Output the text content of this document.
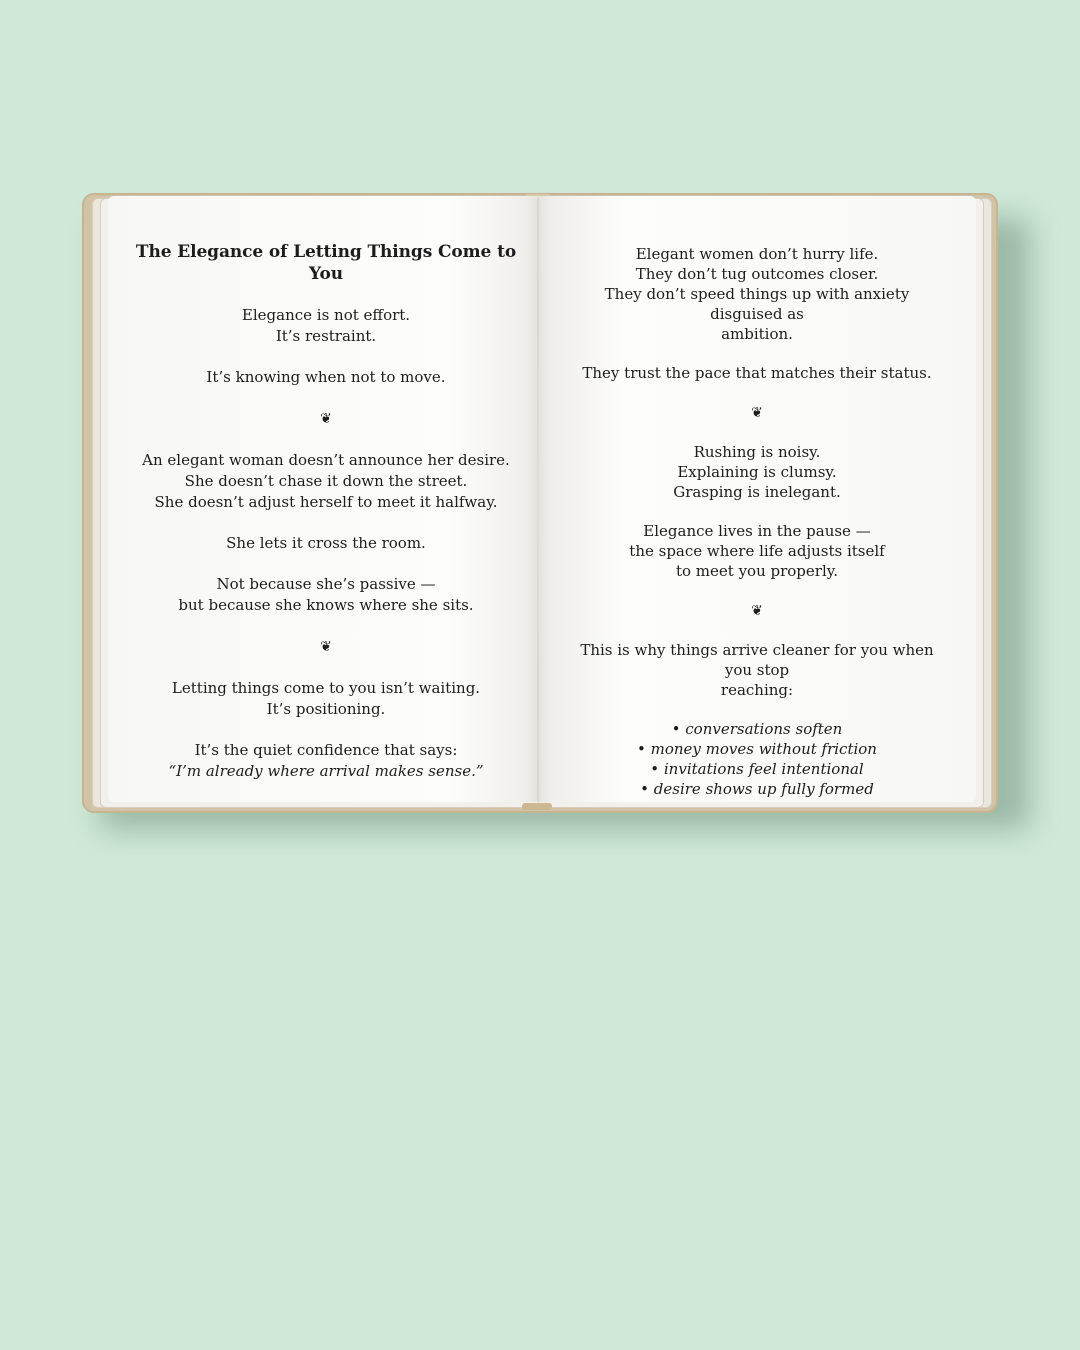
The Elegance of Letting Things Come to You
Elegance is not effort.
It’s restraint.
It’s knowing when not to move.
❦
An elegant woman doesn’t announce her desire.
She doesn’t chase it down the street.
She doesn’t adjust herself to meet it halfway.
She lets it cross the room.
Not because she’s passive —
but because she knows where she sits.
❦
Letting things come to you isn’t waiting.
It’s positioning.
It’s the quiet confidence that says:
“I’m already where arrival makes sense.”
Elegant women don’t hurry life.
They don’t tug outcomes closer.
They don’t speed things up with anxiety disguised as
ambition.
They trust the pace that matches their status.
❦
Rushing is noisy.
Explaining is clumsy.
Grasping is inelegant.
Elegance lives in the pause —
the space where life adjusts itself
to meet you properly.
❦
This is why things arrive cleaner for you when you stop
reaching:
• conversations soften
• money moves without friction
• invitations feel intentional
• desire shows up fully formed
